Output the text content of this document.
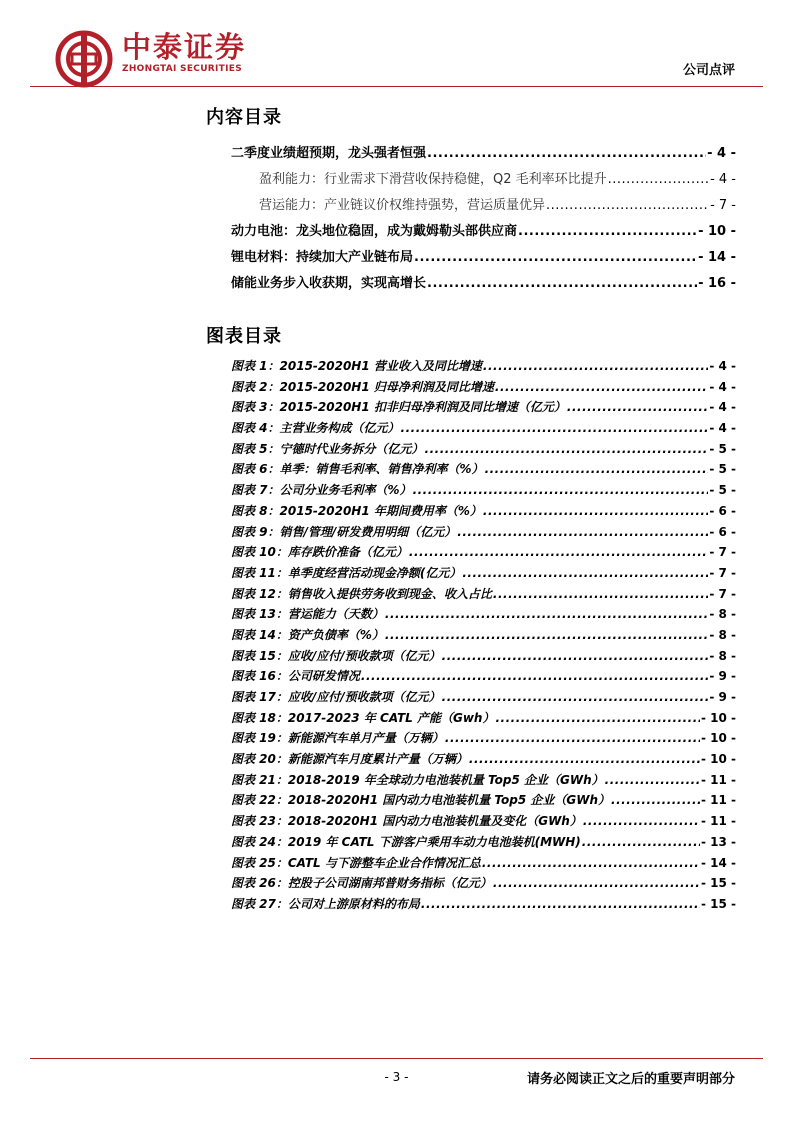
中泰证券
ZHONGTAI SECURITIES	公司点评
内容目录
二季度业绩超预期，龙头强者恒强 .....	- 4 -
盈利能力：行业需求下滑营收保持稳健，Q2 毛利率环比提升 .....	- 4 -
营运能力：产业链议价权维持强势，营运质量优异 .....	- 7 -
动力电池：龙头地位稳固，成为戴姆勒头部供应商 .....	- 10 -
锂电材料：持续加大产业链布局 .....	- 14 -
储能业务步入收获期，实现高增长 .....	- 16 -
图表目录
图表 1：2015-2020H1 营业收入及同比增速 .....	- 4 -
图表 2：2015-2020H1 归母净利润及同比增速 .....	- 4 -
图表 3：2015-2020H1 扣非归母净利润及同比增速（亿元） .....	- 4 -
图表 4：主营业务构成（亿元） .....	- 4 -
图表 5：宁德时代业务拆分（亿元） .....	- 5 -
图表 6：单季：销售毛利率、销售净利率（%） .....	- 5 -
图表 7：公司分业务毛利率（%） .....	- 5 -
图表 8：2015-2020H1 年期间费用率（%） .....	- 6 -
图表 9：销售/管理/研发费用明细（亿元） .....	- 6 -
图表 10：库存跌价准备（亿元） .....	- 7 -
图表 11：单季度经营活动现金净额(亿元） .....	- 7 -
图表 12：销售收入提供劳务收到现金、收入占比 .....	- 7 -
图表 13：营运能力（天数） .....	- 8 -
图表 14：资产负债率（%） .....	- 8 -
图表 15：应收/应付/预收款项（亿元） .....	- 8 -
图表 16：公司研发情况 .....	- 9 -
图表 17：应收/应付/预收款项（亿元） .....	- 9 -
图表 18：2017-2023 年 CATL 产能（Gwh） .....	- 10 -
图表 19：新能源汽车单月产量（万辆） .....	- 10 -
图表 20：新能源汽车月度累计产量（万辆） .....	- 10 -
图表 21：2018-2019 年全球动力电池装机量 Top5 企业（GWh） .....	- 11 -
图表 22：2018-2020H1 国内动力电池装机量 Top5 企业（GWh） .....	- 11 -
图表 23：2018-2020H1 国内动力电池装机量及变化（GWh） .....	- 11 -
图表 24：2019 年 CATL 下游客户乘用车动力电池装机(MWH) .....	- 13 -
图表 25：CATL 与下游整车企业合作情况汇总 .....	- 14 -
图表 26：控股子公司湖南邦普财务指标（亿元） .....	- 15 -
图表 27：公司对上游原材料的布局 .....	- 15 -
- 3 -	请务必阅读正文之后的重要声明部分
